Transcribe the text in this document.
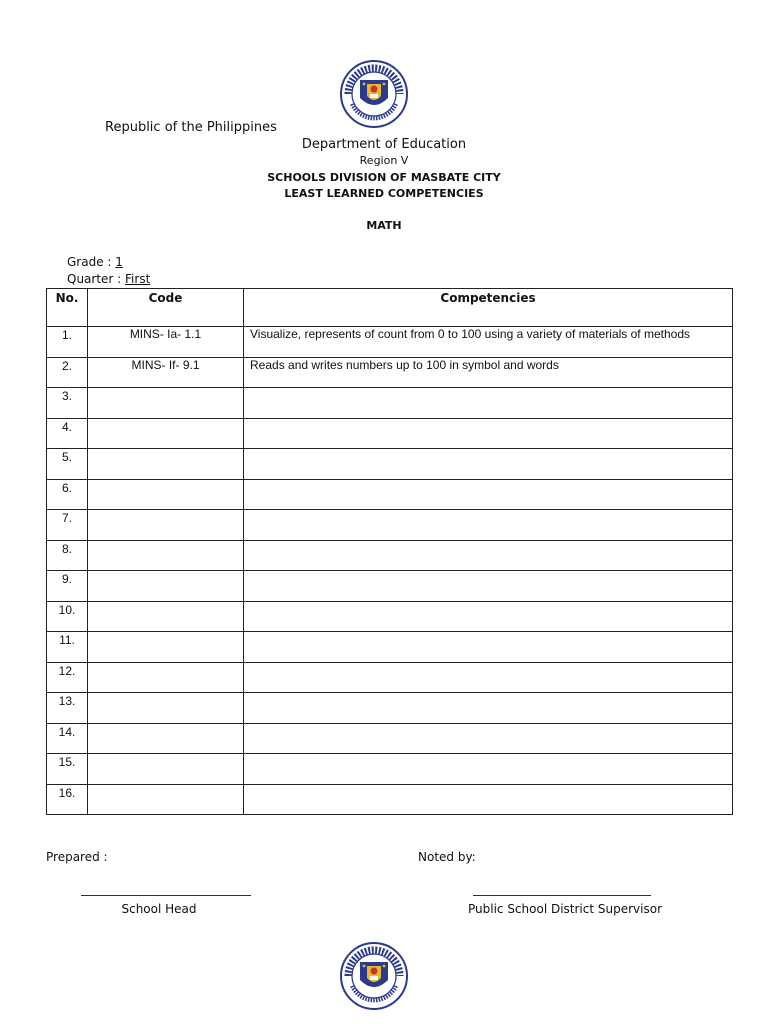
Republic of the Philippines
Department of Education
Region V
SCHOOLS DIVISION OF MASBATE CITY
LEAST LEARNED COMPETENCIES
MATH
Grade : 1
Quarter : First
No.	Code	Competencies
1.	MINS- Ia- 1.1	Visualize, represents of count from 0 to 100 using a variety of materials of methods
2.	MINS- If- 9.1	Reads and writes numbers up to 100 in symbol and words
3.		
4.		
5.		
6.		
7.		
8.		
9.		
10.		
11.		
12.		
13.		
14.		
15.		
16.		
Prepared :	Noted by:
School Head	Public School District Supervisor
